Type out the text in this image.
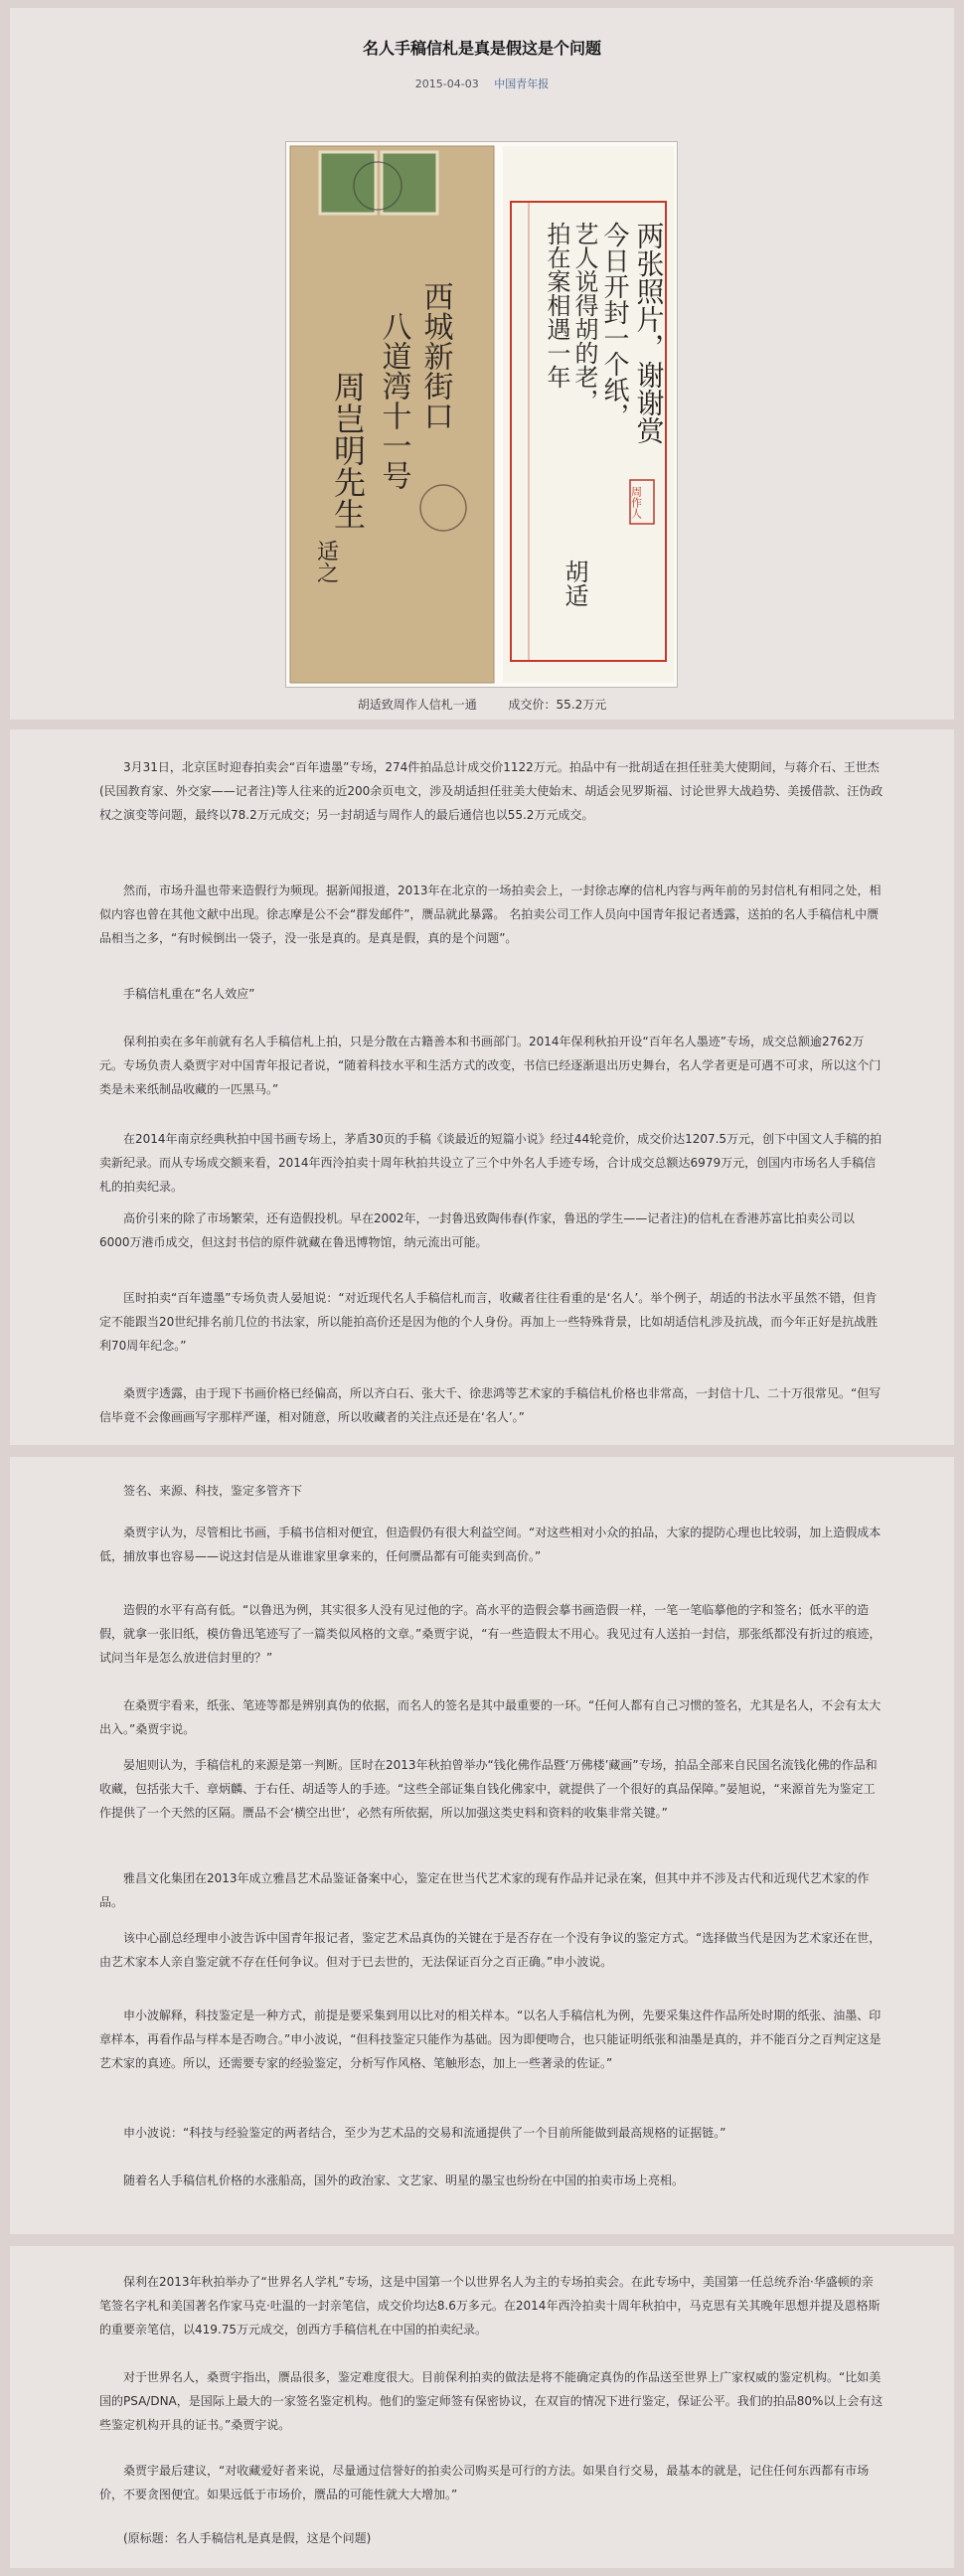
名人手稿信札是真是假这是个问题
2015-04-03 中国青年报
西城新街口
八道湾十一号
周岂明先生
适之
两张照片，谢谢赏
今日开封一个纸，
艺人说得胡的老，
拍在案相遇一年
胡适
周作人
胡适致周作人信札一通	成交价：55.2万元

3月31日，北京匡时迎春拍卖会“百年遗墨”专场，274件拍品总计成交价1122万元。拍品中有一批胡适在担任驻美大使期间，与蒋介石、王世杰(民国教育家、外交家——记者注)等人往来的近200余页电文，涉及胡适担任驻美大使始末、胡适会见罗斯福、讨论世界大战趋势、美援借款、汪伪政权之演变等问题，最终以78.2万元成交；另一封胡适与周作人的最后通信也以55.2万元成交。

然而，市场升温也带来造假行为频现。据新闻报道，2013年在北京的一场拍卖会上，一封徐志摩的信札内容与两年前的另封信札有相同之处，相似内容也曾在其他文献中出现。徐志摩是公不会“群发邮件”，赝品就此暴露。 名拍卖公司工作人员向中国青年报记者透露，送拍的名人手稿信札中赝品相当之多，“有时候倒出一袋子，没一张是真的。是真是假，真的是个问题”。

手稿信札重在“名人效应”

保利拍卖在多年前就有名人手稿信札上拍，只是分散在古籍善本和书画部门。2014年保利秋拍开设“百年名人墨迹”专场，成交总额逾2762万元。专场负责人桑贾宇对中国青年报记者说，“随着科技水平和生活方式的改变，书信已经逐渐退出历史舞台，名人学者更是可遇不可求，所以这个门类是未来纸制品收藏的一匹黑马。”

在2014年南京经典秋拍中国书画专场上，茅盾30页的手稿《谈最近的短篇小说》经过44轮竞价，成交价达1207.5万元，创下中国文人手稿的拍卖新纪录。而从专场成交额来看，2014年西泠拍卖十周年秋拍共设立了三个中外名人手迹专场，合计成交总额达6979万元，创国内市场名人手稿信札的拍卖纪录。

高价引来的除了市场繁荣，还有造假投机。早在2002年，一封鲁迅致陶伟春(作家，鲁迅的学生——记者注)的信札在香港苏富比拍卖公司以6000万港币成交，但这封书信的原件就藏在鲁迅博物馆，纳元流出可能。

匡时拍卖“百年遗墨”专场负责人晏旭说：“对近现代名人手稿信札而言，收藏者往往看重的是‘名人’。举个例子，胡适的书法水平虽然不错，但肯定不能跟当20世纪排名前几位的书法家，所以能拍高价还是因为他的个人身份。再加上一些特殊背景，比如胡适信札涉及抗战，而今年正好是抗战胜利70周年纪念。”

桑贾宇透露，由于现下书画价格已经偏高，所以齐白石、张大千、徐悲鸿等艺术家的手稿信札价格也非常高，一封信十几、二十万很常见。“但写信毕竟不会像画画写字那样严谨，相对随意，所以收藏者的关注点还是在‘名人’。”

签名、来源、科技，鉴定多管齐下

桑贾宇认为，尽管相比书画，手稿书信相对便宜，但造假仍有很大利益空间。“对这些相对小众的拍品，大家的提防心理也比较弱，加上造假成本低，捕放事也容易——说这封信是从谁谁家里拿来的，任何赝品都有可能卖到高价。”

造假的水平有高有低。“以鲁迅为例，其实很多人没有见过他的字。高水平的造假会摹书画造假一样，一笔一笔临摹他的字和签名；低水平的造假，就拿一张旧纸，模仿鲁迅笔迹写了一篇类似风格的文章。”桑贾宇说，“有一些造假太不用心。我见过有人送拍一封信，那张纸都没有折过的痕迹，试问当年是怎么放进信封里的？”

在桑贾宇看来，纸张、笔迹等都是辨别真伪的依据，而名人的签名是其中最重要的一环。“任何人都有自己习惯的签名，尤其是名人，不会有太大出入。”桑贾宇说。

晏旭则认为，手稿信札的来源是第一判断。匡时在2013年秋拍曾举办“钱化佛作品暨‘万佛楼’藏画”专场，拍品全部来自民国名流钱化佛的作品和收藏，包括张大千、章炳麟、于右任、胡适等人的手迹。“这些全部证集自钱化佛家中，就提供了一个很好的真品保障。”晏旭说，“来源首先为鉴定工作提供了一个天然的区隔。赝品不会‘横空出世’，必然有所依据，所以加强这类史料和资料的收集非常关键。”

雅昌文化集团在2013年成立雅昌艺术品鉴证备案中心，鉴定在世当代艺术家的现有作品并记录在案，但其中并不涉及古代和近现代艺术家的作品。

该中心副总经理申小波告诉中国青年报记者，鉴定艺术品真伪的关键在于是否存在一个没有争议的鉴定方式。“选择做当代是因为艺术家还在世，由艺术家本人亲自鉴定就不存在任何争议。但对于已去世的，无法保证百分之百正确。”申小波说。

申小波解释，科技鉴定是一种方式，前提是要采集到用以比对的相关样本。“以名人手稿信札为例，先要采集这件作品所处时期的纸张、油墨、印章样本，再看作品与样本是否吻合。”申小波说，“但科技鉴定只能作为基础。因为即便吻合，也只能证明纸张和油墨是真的，并不能百分之百判定这是艺术家的真迹。所以，还需要专家的经验鉴定，分析写作风格、笔触形态，加上一些著录的佐证。”

申小波说：“科技与经验鉴定的两者结合，至少为艺术品的交易和流通提供了一个目前所能做到最高规格的证据链。”

随着名人手稿信札价格的水涨船高，国外的政治家、文艺家、明星的墨宝也纷纷在中国的拍卖市场上亮相。

保利在2013年秋拍举办了“世界名人学札”专场，这是中国第一个以世界名人为主的专场拍卖会。在此专场中，美国第一任总统乔治·华盛顿的亲笔签名字札和美国著名作家马克·吐温的一封亲笔信，成交价均达8.6万多元。在2014年西泠拍卖十周年秋拍中，马克思有关其晚年思想并提及恩格斯的重要亲笔信，以419.75万元成交，创西方手稿信札在中国的拍卖纪录。

对于世界名人，桑贾宇指出，赝品很多，鉴定难度很大。目前保利拍卖的做法是将不能确定真伪的作品送至世界上广家权威的鉴定机构。“比如美国的PSA/DNA，是国际上最大的一家签名鉴定机构。他们的鉴定师签有保密协议，在双盲的情况下进行鉴定，保证公平。我们的拍品80%以上会有这些鉴定机构开具的证书。”桑贾宇说。

桑贾宇最后建议，“对收藏爱好者来说，尽量通过信誉好的拍卖公司购买是可行的方法。如果自行交易，最基本的就是，记住任何东西都有市场价，不要贪图便宜。如果远低于市场价，赝品的可能性就大大增加。”

(原标题：名人手稿信札是真是假，这是个问题)
